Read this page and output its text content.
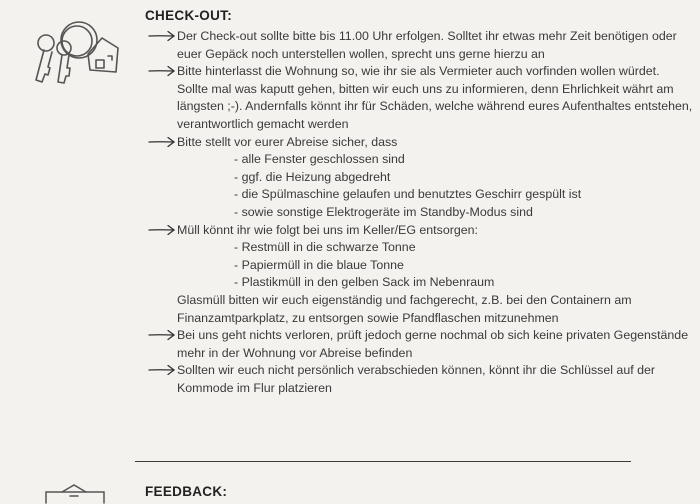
CHECK-OUT:
Der Check-out sollte bitte bis 11.00 Uhr erfolgen. Solltet ihr etwas mehr Zeit benötigen oder euer Gepäck noch unterstellen wollen, sprecht uns gerne hierzu an
Bitte hinterlasst die Wohnung so, wie ihr sie als Vermieter auch vorfinden wollen würdet. Sollte mal was kaputt gehen, bitten wir euch uns zu informieren, denn Ehrlichkeit währt am längsten ;-). Andernfalls könnt ihr für Schäden, welche während eures Aufenthaltes entstehen, verantwortlich gemacht werden
Bitte stellt vor eurer Abreise sicher, dass
- alle Fenster geschlossen sind
- ggf. die Heizung abgedreht
- die Spülmaschine gelaufen und benutztes Geschirr gespült ist
- sowie sonstige Elektrogeräte im Standby-Modus sind
Müll könnt ihr wie folgt bei uns im Keller/EG entsorgen:
- Restmüll in die schwarze Tonne
- Papiermüll in die blaue Tonne
- Plastikmüll in den gelben Sack im Nebenraum
Glasmüll bitten wir euch eigenständig und fachgerecht, z.B. bei den Containern am Finanzamtparkplatz, zu entsorgen sowie Pfandflaschen mitzunehmen
Bei uns geht nichts verloren, prüft jedoch gerne nochmal ob sich keine privaten Gegenstände mehr in der Wohnung vor Abreise befinden
Sollten wir euch nicht persönlich verabschieden können, könnt ihr die Schlüssel auf der Kommode im Flur platzieren
FEEDBACK:
